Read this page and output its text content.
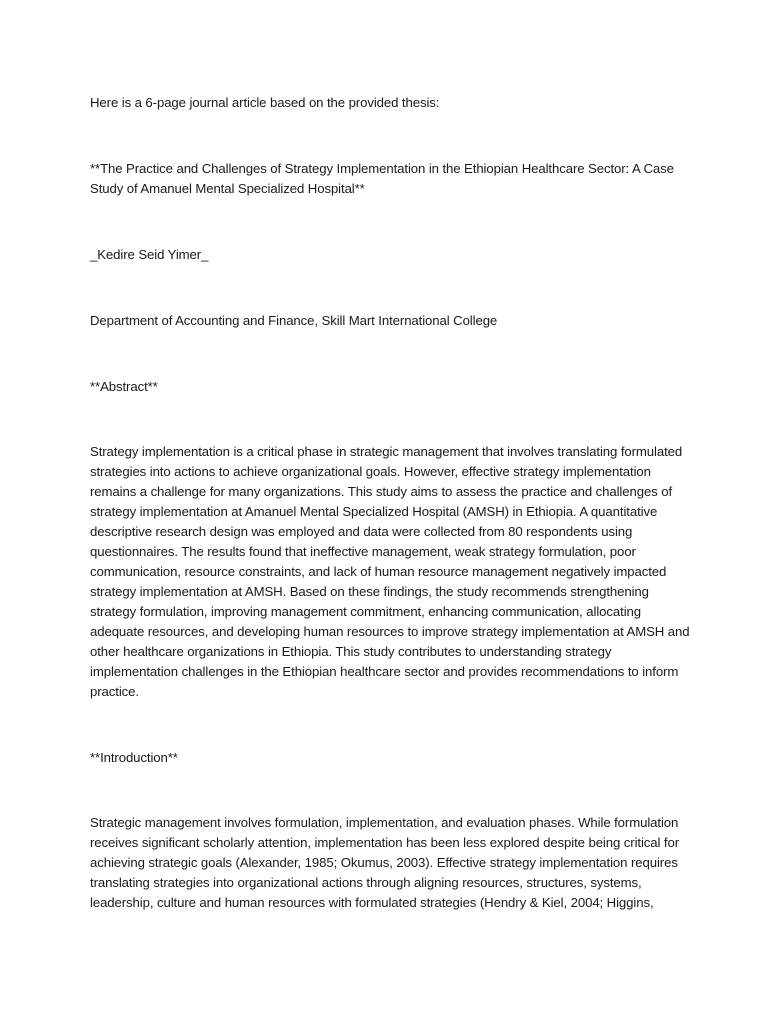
Here is a 6-page journal article based on the provided thesis:

**The Practice and Challenges of Strategy Implementation in the Ethiopian Healthcare Sector: A Case
Study of Amanuel Mental Specialized Hospital**

_Kedire Seid Yimer_

Department of Accounting and Finance, Skill Mart International College

**Abstract**

Strategy implementation is a critical phase in strategic management that involves translating formulated
strategies into actions to achieve organizational goals. However, effective strategy implementation
remains a challenge for many organizations. This study aims to assess the practice and challenges of
strategy implementation at Amanuel Mental Specialized Hospital (AMSH) in Ethiopia. A quantitative
descriptive research design was employed and data were collected from 80 respondents using
questionnaires. The results found that ineffective management, weak strategy formulation, poor
communication, resource constraints, and lack of human resource management negatively impacted
strategy implementation at AMSH. Based on these findings, the study recommends strengthening
strategy formulation, improving management commitment, enhancing communication, allocating
adequate resources, and developing human resources to improve strategy implementation at AMSH and
other healthcare organizations in Ethiopia. This study contributes to understanding strategy
implementation challenges in the Ethiopian healthcare sector and provides recommendations to inform
practice.

**Introduction**

Strategic management involves formulation, implementation, and evaluation phases. While formulation
receives significant scholarly attention, implementation has been less explored despite being critical for
achieving strategic goals (Alexander, 1985; Okumus, 2003). Effective strategy implementation requires
translating strategies into organizational actions through aligning resources, structures, systems,
leadership, culture and human resources with formulated strategies (Hendry & Kiel, 2004; Higgins,
